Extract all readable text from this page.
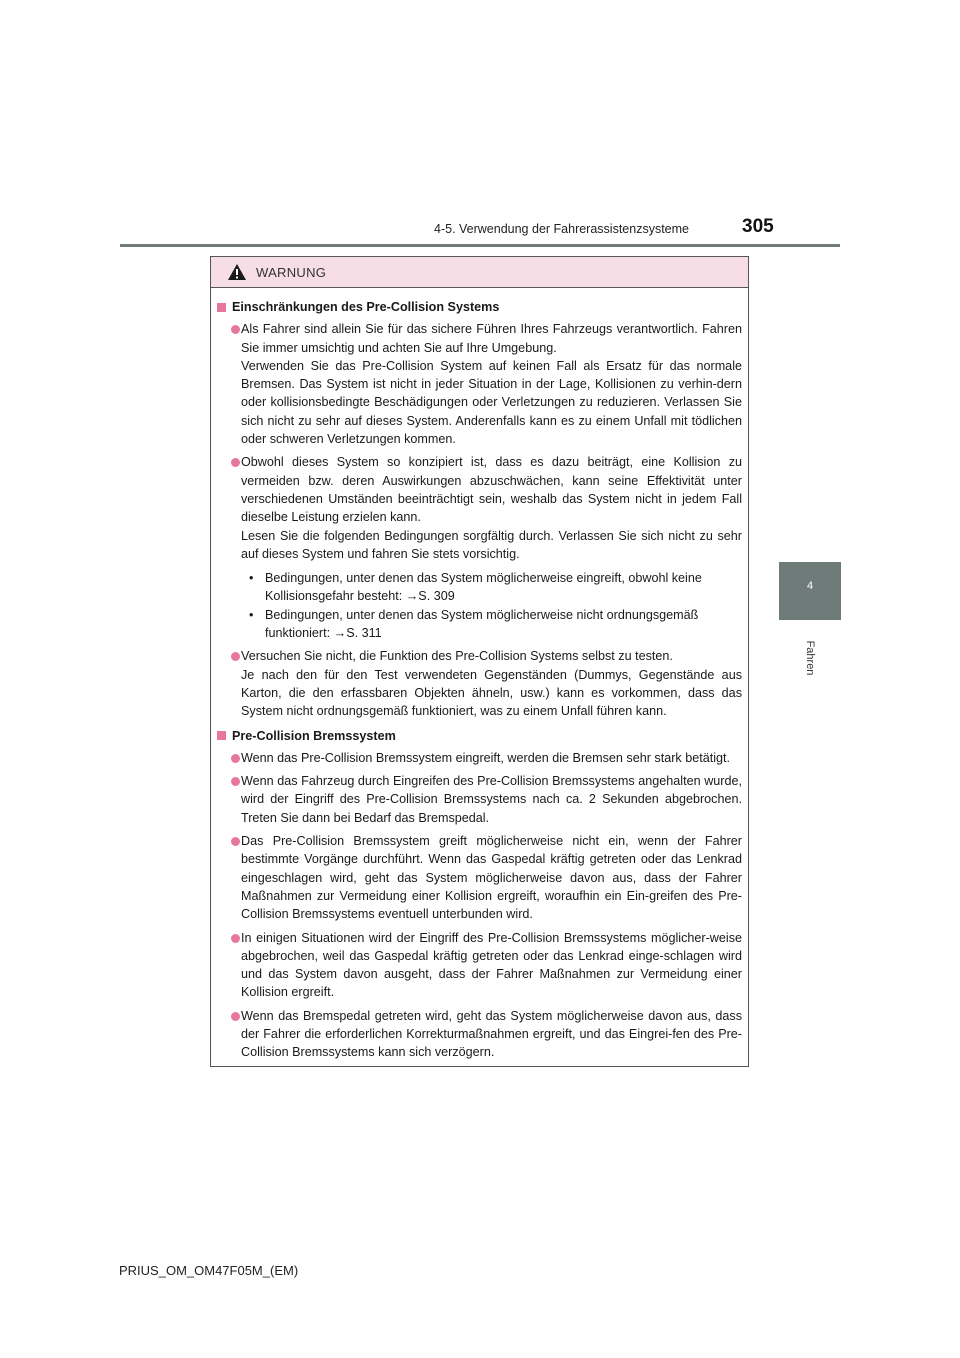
4-5. Verwendung der Fahrerassistenzsysteme	305
4
Fahren
WARNUNG
Einschränkungen des Pre-Collision Systems

Als Fahrer sind allein Sie für das sichere Führen Ihres Fahrzeugs verantwortlich. Fahren Sie immer umsichtig und achten Sie auf Ihre Umgebung.

Verwenden Sie das Pre-Collision System auf keinen Fall als Ersatz für das normale Bremsen. Das System ist nicht in jeder Situation in der Lage, Kollisionen zu verhin-dern oder kollisionsbedingte Beschädigungen oder Verletzungen zu reduzieren. Verlassen Sie sich nicht zu sehr auf dieses System. Anderenfalls kann es zu einem Unfall mit tödlichen oder schweren Verletzungen kommen.

Obwohl dieses System so konzipiert ist, dass es dazu beiträgt, eine Kollision zu vermeiden bzw. deren Auswirkungen abzuschwächen, kann seine Effektivität unter verschiedenen Umständen beeinträchtigt sein, weshalb das System nicht in jedem Fall dieselbe Leistung erzielen kann.

Lesen Sie die folgenden Bedingungen sorgfältig durch. Verlassen Sie sich nicht zu sehr auf dieses System und fahren Sie stets vorsichtig.

• Bedingungen, unter denen das System möglicherweise eingreift, obwohl keine Kollisionsgefahr besteht: →S. 309
• Bedingungen, unter denen das System möglicherweise nicht ordnungsgemäß funktioniert: →S. 311

Versuchen Sie nicht, die Funktion des Pre-Collision Systems selbst zu testen.

Je nach den für den Test verwendeten Gegenständen (Dummys, Gegenstände aus Karton, die den erfassbaren Objekten ähneln, usw.) kann es vorkommen, dass das System nicht ordnungsgemäß funktioniert, was zu einem Unfall führen kann.

Pre-Collision Bremssystem

Wenn das Pre-Collision Bremssystem eingreift, werden die Bremsen sehr stark betätigt.

Wenn das Fahrzeug durch Eingreifen des Pre-Collision Bremssystems angehalten wurde, wird der Eingriff des Pre-Collision Bremssystems nach ca. 2 Sekunden abgebrochen. Treten Sie dann bei Bedarf das Bremspedal.

Das Pre-Collision Bremssystem greift möglicherweise nicht ein, wenn der Fahrer bestimmte Vorgänge durchführt. Wenn das Gaspedal kräftig getreten oder das Lenkrad eingeschlagen wird, geht das System möglicherweise davon aus, dass der Fahrer Maßnahmen zur Vermeidung einer Kollision ergreift, woraufhin ein Ein-greifen des Pre-Collision Bremssystems eventuell unterbunden wird.

In einigen Situationen wird der Eingriff des Pre-Collision Bremssystems möglicher-weise abgebrochen, weil das Gaspedal kräftig getreten oder das Lenkrad einge-schlagen wird und das System davon ausgeht, dass der Fahrer Maßnahmen zur Vermeidung einer Kollision ergreift.

Wenn das Bremspedal getreten wird, geht das System möglicherweise davon aus, dass der Fahrer die erforderlichen Korrekturmaßnahmen ergreift, und das Eingrei-fen des Pre-Collision Bremssystems kann sich verzögern.

PRIUS_OM_OM47F05M_(EM)
